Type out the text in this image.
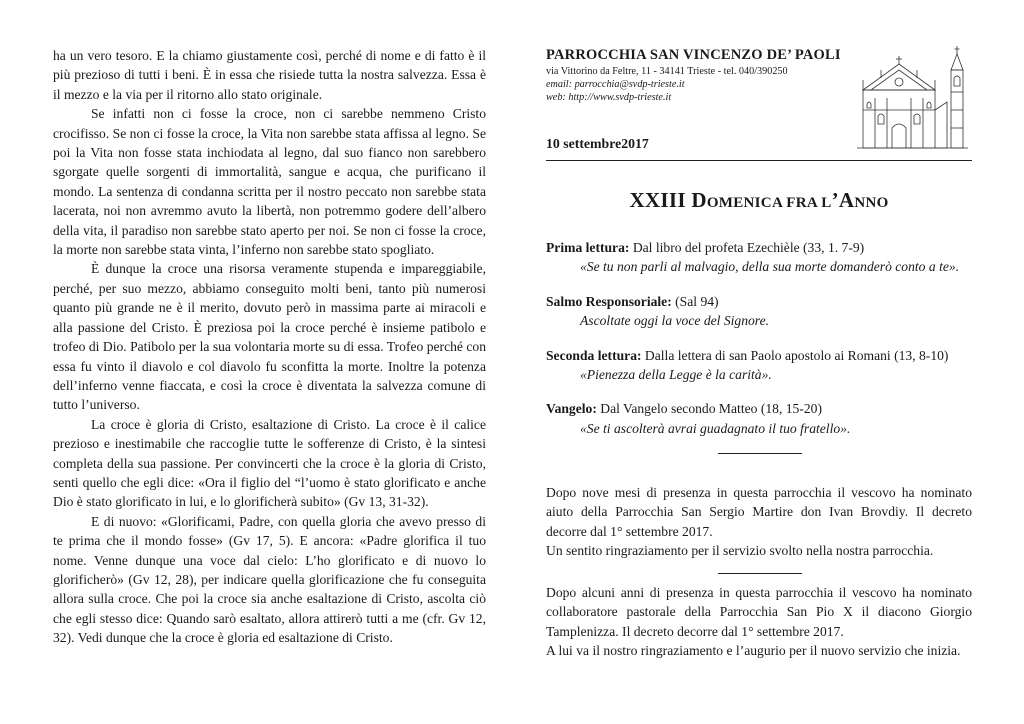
ha un vero tesoro. E la chiamo giustamente così, perché di nome e di fatto è il più prezioso di tutti i beni. È in essa che risiede tutta la nostra salvezza. Essa è il mezzo e la via per il ritorno allo stato originale.

Se infatti non ci fosse la croce, non ci sarebbe nemmeno Cristo crocifisso. Se non ci fosse la croce, la Vita non sarebbe stata affissa al legno. Se poi la Vita non fosse stata inchiodata al legno, dal suo fianco non sarebbero sgorgate quelle sorgenti di immortalità, sangue e acqua, che purificano il mondo. La sentenza di condanna scritta per il nostro peccato non sarebbe stata lacerata, noi non avremmo avuto la libertà, non potremmo godere dell’albero della vita, il paradiso non sarebbe stato aperto per noi. Se non ci fosse la croce, la morte non sarebbe stata vinta, l’inferno non sarebbe stato spogliato.

È dunque la croce una risorsa veramente stupenda e impareggiabile, perché, per suo mezzo, abbiamo conseguito molti beni, tanto più numerosi quanto più grande ne è il merito, dovuto però in massima parte ai miracoli e alla passione del Cristo. È preziosa poi la croce perché è insieme patibolo e trofeo di Dio. Patibolo per la sua volontaria morte su di essa. Trofeo perché con essa fu vinto il diavolo e col diavolo fu sconfitta la morte. Inoltre la potenza dell’inferno venne fiaccata, e così la croce è diventata la salvezza comune di tutto l’universo.

La croce è gloria di Cristo, esaltazione di Cristo. La croce è il calice prezioso e inestimabile che raccoglie tutte le sofferenze di Cristo, è la sintesi completa della sua passione. Per convincerti che la croce è la gloria di Cristo, senti quello che egli dice: «Ora il figlio del “l’uomo è stato glorificato e anche Dio è stato glorificato in lui, e lo glorificherà subito» (Gv 13, 31-32).

E di nuovo: «Glorificami, Padre, con quella gloria che avevo presso di te prima che il mondo fosse» (Gv 17, 5). E ancora: «Padre glorifica il tuo nome. Venne dunque una voce dal cielo: L’ho glorificato e di nuovo lo glorificherò» (Gv 12, 28), per indicare quella glorificazione che fu conseguita allora sulla croce. Che poi la croce sia anche esaltazione di Cristo, ascolta ciò che egli stesso dice: Quando sarò esaltato, allora attirerò tutti a me (cfr. Gv 12, 32). Vedi dunque che la croce è gloria ed esaltazione di Cristo.

PARROCCHIA SAN VINCENZO DE’ PAOLI
via Vittorino da Feltre, 11 - 34141 Trieste - tel. 040/390250
email: parrocchia@svdp-trieste.it
web: http://www.svdp-trieste.it
10 settembre2017
XXIII DOMENICA FRA L’ANNO
Prima lettura: Dal libro del profeta Ezechièle (33, 1. 7-9)
«Se tu non parli al malvagio, della sua morte domanderò conto a te».
Salmo Responsoriale: (Sal 94)
Ascoltate oggi la voce del Signore.
Seconda lettura: Dalla lettera di san Paolo apostolo ai Romani (13, 8-10)
«Pienezza della Legge è la carità».
Vangelo: Dal Vangelo secondo Matteo (18, 15-20)
«Se ti ascolterà avrai guadagnato il tuo fratello».

Dopo nove mesi di presenza in questa parrocchia il vescovo ha nominato aiuto della Parrocchia San Sergio Martire don Ivan Brovdiy. Il decreto decorre dal 1° settembre 2017.

Un sentito ringraziamento per il servizio svolto nella nostra parrocchia.

Dopo alcuni anni di presenza in questa parrocchia il vescovo ha nominato collaboratore pastorale della Parrocchia San Pio X il diacono Giorgio Tamplenizza. Il decreto decorre dal 1° settembre 2017.

A lui va il nostro ringraziamento e l’augurio per il nuovo servizio che inizia.
